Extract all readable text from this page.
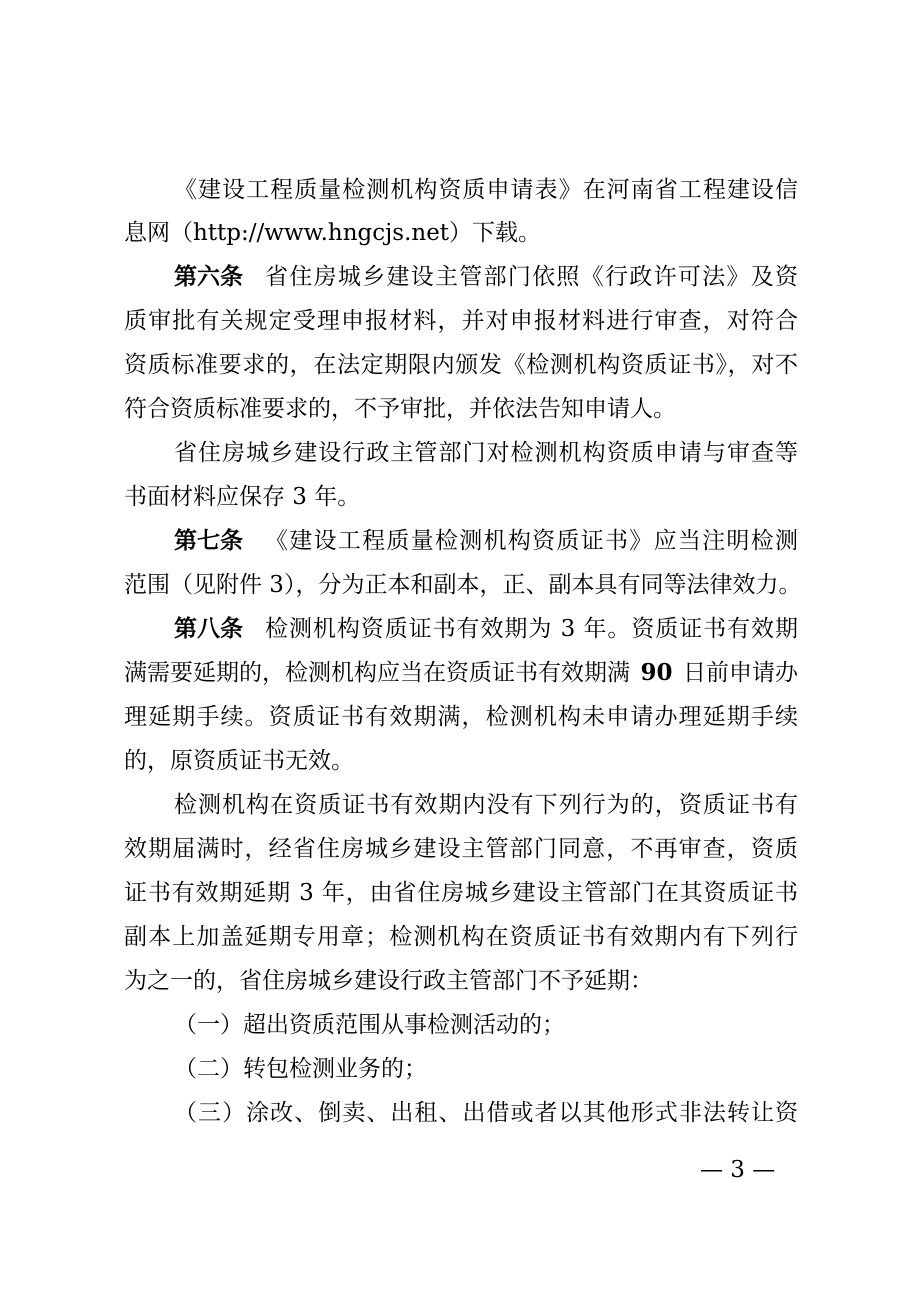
《建设工程质量检测机构资质申请表》在河南省工程建设信
息网（http://www.hngcjs.net）下载。
第六条 省住房城乡建设主管部门依照《行政许可法》及资
质审批有关规定受理申报材料，并对申报材料进行审查，对符合
资质标准要求的，在法定期限内颁发《检测机构资质证书》，对不
符合资质标准要求的，不予审批，并依法告知申请人。
省住房城乡建设行政主管部门对检测机构资质申请与审查等
书面材料应保存 3 年。
第七条 《建设工程质量检测机构资质证书》应当注明检测
范围（见附件 3），分为正本和副本，正、副本具有同等法律效力。
第八条 检测机构资质证书有效期为 3 年。资质证书有效期
满需要延期的，检测机构应当在资质证书有效期满 90 日前申请办
理延期手续。资质证书有效期满，检测机构未申请办理延期手续
的，原资质证书无效。
检测机构在资质证书有效期内没有下列行为的，资质证书有
效期届满时，经省住房城乡建设主管部门同意，不再审查，资质
证书有效期延期 3 年，由省住房城乡建设主管部门在其资质证书
副本上加盖延期专用章；检测机构在资质证书有效期内有下列行
为之一的，省住房城乡建设行政主管部门不予延期：
（一）超出资质范围从事检测活动的；
（二）转包检测业务的；
（三）涂改、倒卖、出租、出借或者以其他形式非法转让资
— 3 —
